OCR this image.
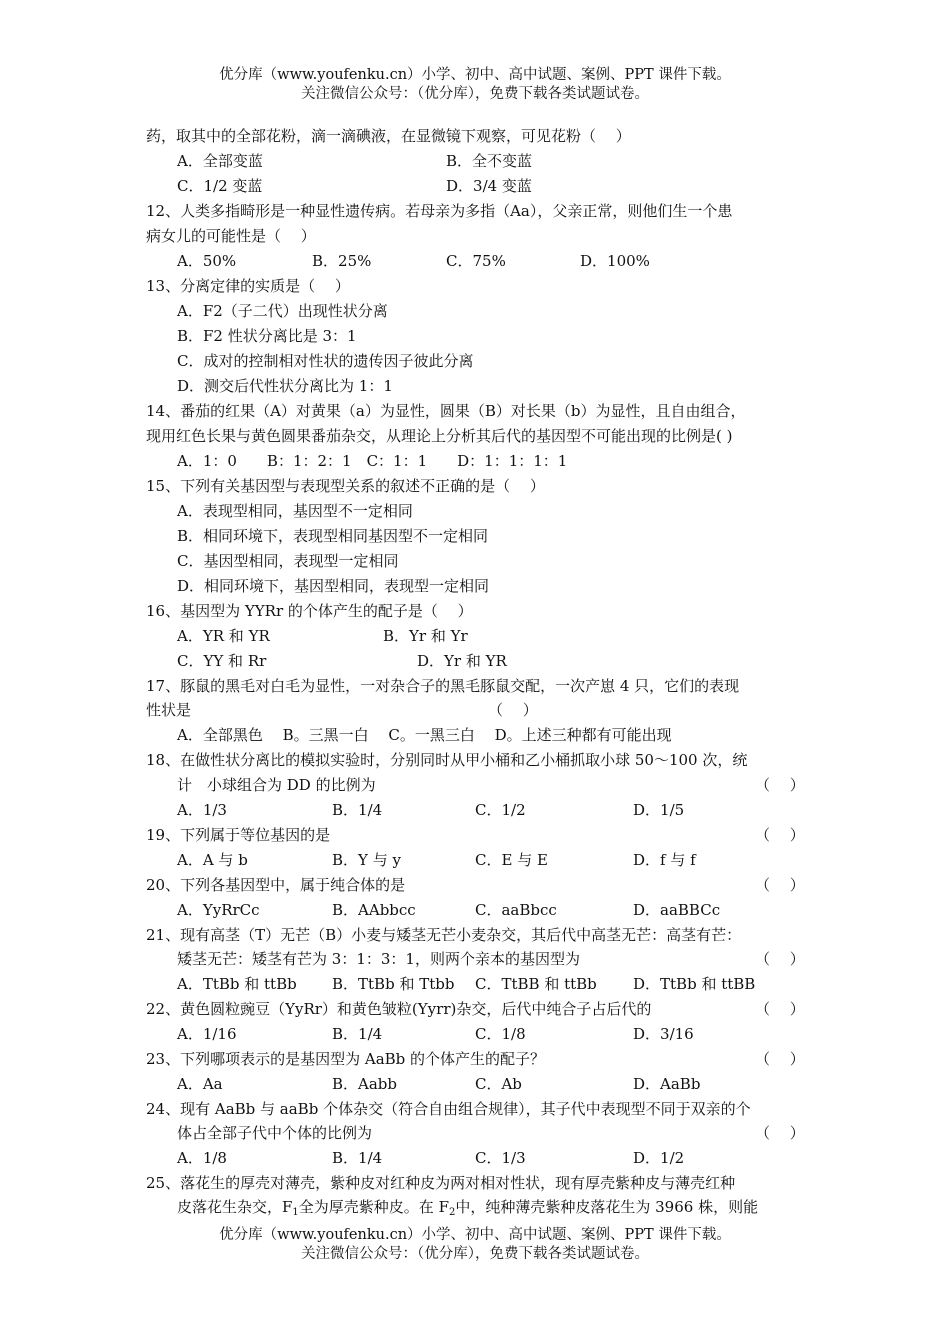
优分库（www.youfenku.cn）小学、初中、高中试题、案例、PPT 课件下载。
关注微信公众号：（优分库），免费下载各类试题试卷。
药，取其中的全部花粉，滴一滴碘液，在显微镜下观察，可见花粉（　 ）
A．全部变蓝	B．全不变蓝
C．1/2 变蓝	D．3/4 变蓝
12、人类多指畸形是一种显性遗传病。若母亲为多指（Aa），父亲正常，则他们生一个患
病女儿的可能性是（　 ）
A．50%	B．25%	C．75%	D．100%
13、分离定律的实质是（　 ）
A．F2（子二代）出现性状分离
B．F2 性状分离比是 3：1
C．成对的控制相对性状的遗传因子彼此分离
D．测交后代性状分离比为 1：1
14、番茄的红果（A）对黄果（a）为显性，圆果（B）对长果（b）为显性，且自由组合，
现用红色长果与黄色圆果番茄杂交，从理论上分析其后代的基因型不可能出现的比例是( )
A．1：0　　B：1：2：1　C：1：1　　D：1：1：1：1
15、下列有关基因型与表现型关系的叙述不正确的是（　 ）
A．表现型相同，基因型不一定相同
B．相同环境下，表现型相同基因型不一定相同
C．基因型相同，表现型一定相同
D．相同环境下，基因型相同，表现型一定相同
16、基因型为 YYRr 的个体产生的配子是（　 ）
A．YR 和 YR	B．Yr 和 Yr
C．YY 和 Rr	D．Yr 和 YR
17、豚鼠的黑毛对白毛为显性，一对杂合子的黑毛豚鼠交配，一次产崽 4 只，它们的表现
性状是	（　 ）
A．全部黑色　 B。三黑一白　 C。一黑三白　 D。上述三种都有可能出现
18、在做性状分离比的模拟实验时，分别同时从甲小桶和乙小桶抓取小球 50～100 次，统
计　小球组合为 DD 的比例为	（　 ）
A．1/3	B．1/4	C．1/2	D．1/5
19、下列属于等位基因的是	（　 ）
A．A 与 b	B．Y 与 y	C．E 与 E	D．f 与 f
20、下列各基因型中，属于纯合体的是	（　 ）
A．YyRrCc	B．AAbbcc	C．aaBbcc	D．aaBBCc
21、现有高茎（T）无芒（B）小麦与矮茎无芒小麦杂交，其后代中高茎无芒：高茎有芒：
矮茎无芒：矮茎有芒为 3：1：3：1，则两个亲本的基因型为	（　 ）
A．TtBb 和 ttBb B．TtBb 和 Ttbb C．TtBB 和 ttBb D．TtBb 和 ttBB
22、黄色圆粒豌豆（YyRr）和黄色皱粒(Yyrr)杂交，后代中纯合子占后代的	（　 ）
A．1/16	B．1/4	C．1/8	D．3/16
23、下列哪项表示的是基因型为 AaBb 的个体产生的配子？	（　 ）
A．Aa	B．Aabb	C．Ab	D．AaBb
24、现有 AaBb 与 aaBb 个体杂交（符合自由组合规律），其子代中表现型不同于双亲的个
体占全部子代中个体的比例为	（　 ）
A．1/8	B．1/4	C．1/3	D．1/2
25、落花生的厚壳对薄壳，紫种皮对红种皮为两对相对性状，现有厚壳紫种皮与薄壳红种
皮落花生杂交，$F_1$全为厚壳紫种皮。在 $F_2$中，纯种薄壳紫种皮落花生为 3966 株，则能
优分库（www.youfenku.cn）小学、初中、高中试题、案例、PPT 课件下载。
关注微信公众号：（优分库），免费下载各类试题试卷。
